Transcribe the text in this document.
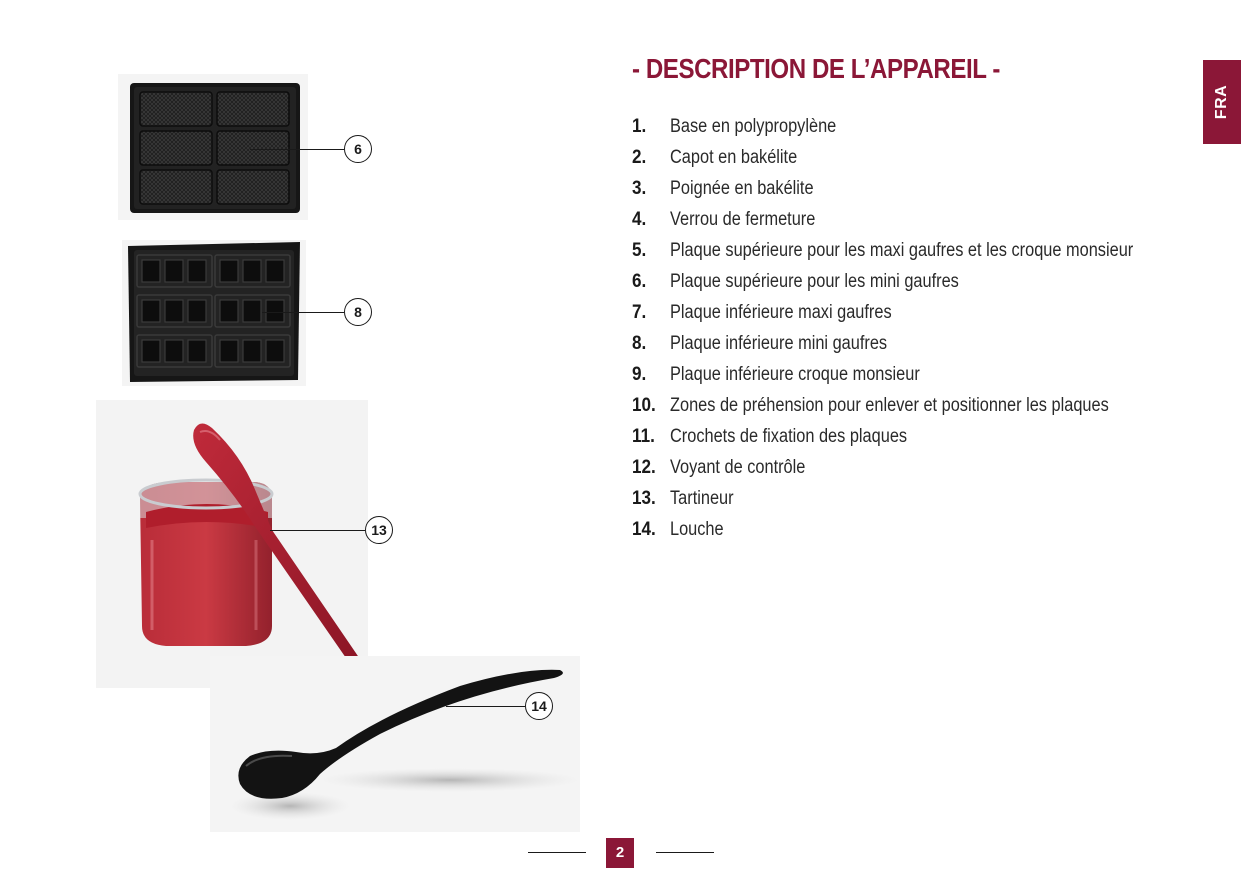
- DESCRIPTION DE L’APPAREIL -
FRA
1. Base en polypropylène
2. Capot en bakélite
3. Poignée en bakélite
4. Verrou de fermeture
5. Plaque supérieure pour les maxi gaufres et les croque monsieur
6. Plaque supérieure pour les mini gaufres
7. Plaque inférieure maxi gaufres
8. Plaque inférieure mini gaufres
9. Plaque inférieure croque monsieur
10. Zones de préhension pour enlever et positionner les plaques
11. Crochets de fixation des plaques
12. Voyant de contrôle
13. Tartineur
14. Louche
6
8
13
14
2
